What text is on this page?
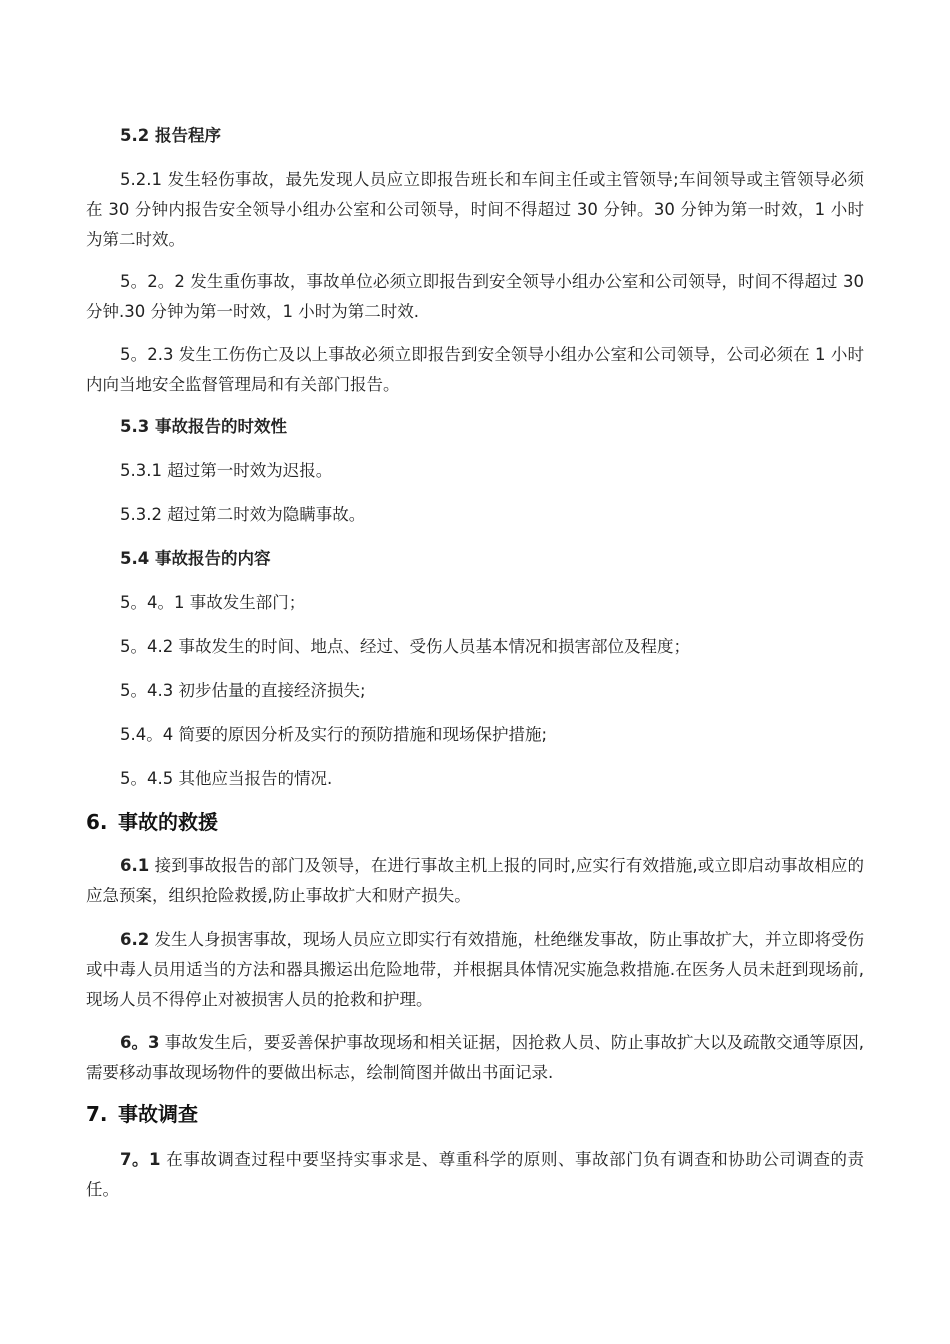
5.2 报告程序
5.2.1 发生轻伤事故，最先发现人员应立即报告班长和车间主任或主管领导;车间领导或主管领导必须在 30 分钟内报告安全领导小组办公室和公司领导，时间不得超过 30 分钟。30 分钟为第一时效，1 小时为第二时效。
5。2。2 发生重伤事故，事故单位必须立即报告到安全领导小组办公室和公司领导，时间不得超过 30 分钟.30 分钟为第一时效，1 小时为第二时效.
5。2.3 发生工伤伤亡及以上事故必须立即报告到安全领导小组办公室和公司领导，公司必须在 1 小时内向当地安全监督管理局和有关部门报告。
5.3 事故报告的时效性
5.3.1 超过第一时效为迟报。
5.3.2 超过第二时效为隐瞒事故。
5.4 事故报告的内容
5。4。1 事故发生部门；
5。4.2 事故发生的时间、地点、经过、受伤人员基本情况和损害部位及程度；
5。4.3 初步估量的直接经济损失;
5.4。4 简要的原因分析及实行的预防措施和现场保护措施;
5。4.5 其他应当报告的情况.
6. 事故的救援
6.1 接到事故报告的部门及领导，在进行事故主机上报的同时,应实行有效措施,或立即启动事故相应的应急预案，组织抢险救援,防止事故扩大和财产损失。
6.2 发生人身损害事故，现场人员应立即实行有效措施，杜绝继发事故，防止事故扩大，并立即将受伤或中毒人员用适当的方法和器具搬运出危险地带，并根据具体情况实施急救措施.在医务人员未赶到现场前,现场人员不得停止对被损害人员的抢救和护理。
6。3 事故发生后，要妥善保护事故现场和相关证据，因抢救人员、防止事故扩大以及疏散交通等原因,需要移动事故现场物件的要做出标志，绘制简图并做出书面记录.
7. 事故调查
7。1 在事故调查过程中要坚持实事求是、尊重科学的原则、事故部门负有调查和协助公司调查的责任。
